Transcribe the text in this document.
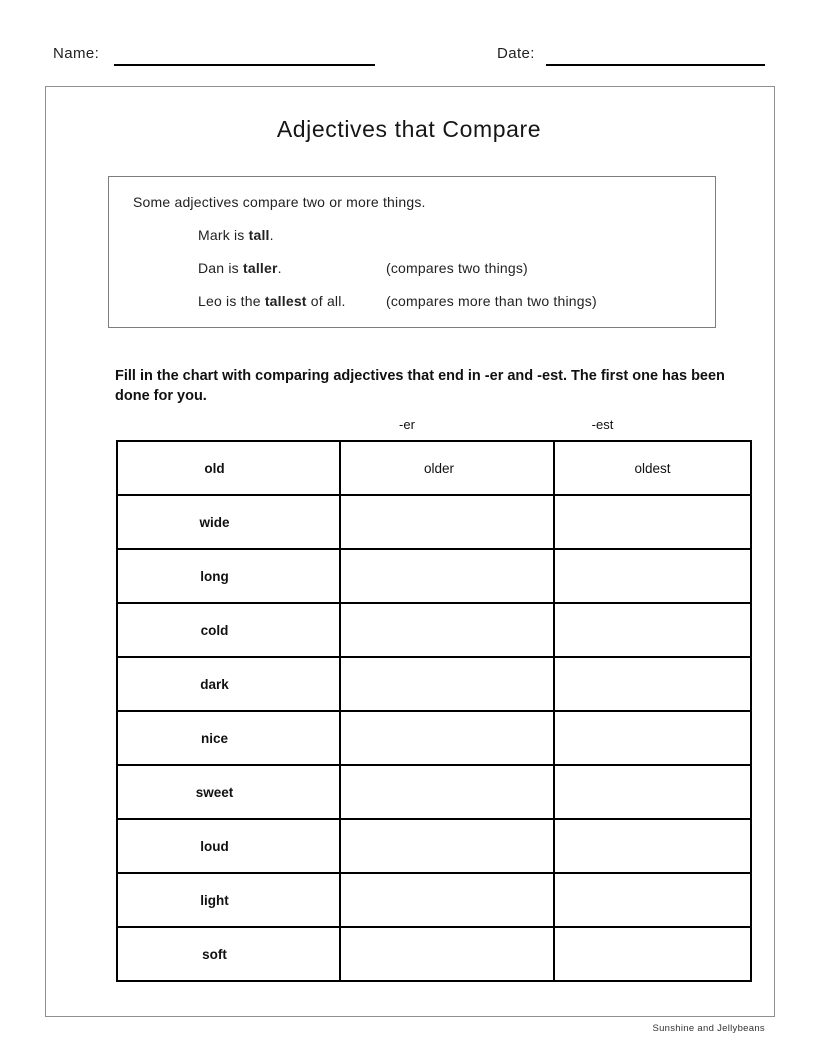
Name:	Date:
Adjectives that Compare
Some adjectives compare two or more things.
Mark is tall.
Dan is taller.	(compares two things)
Leo is the tallest of all.	(compares more than two things)
Fill in the chart with comparing adjectives that end in -er and -est. The first one has been done for you.
-er	-est
old	older	oldest
wide		
long		
cold		
dark		
nice		
sweet		
loud		
light		
soft		
Sunshine and Jellybeans
